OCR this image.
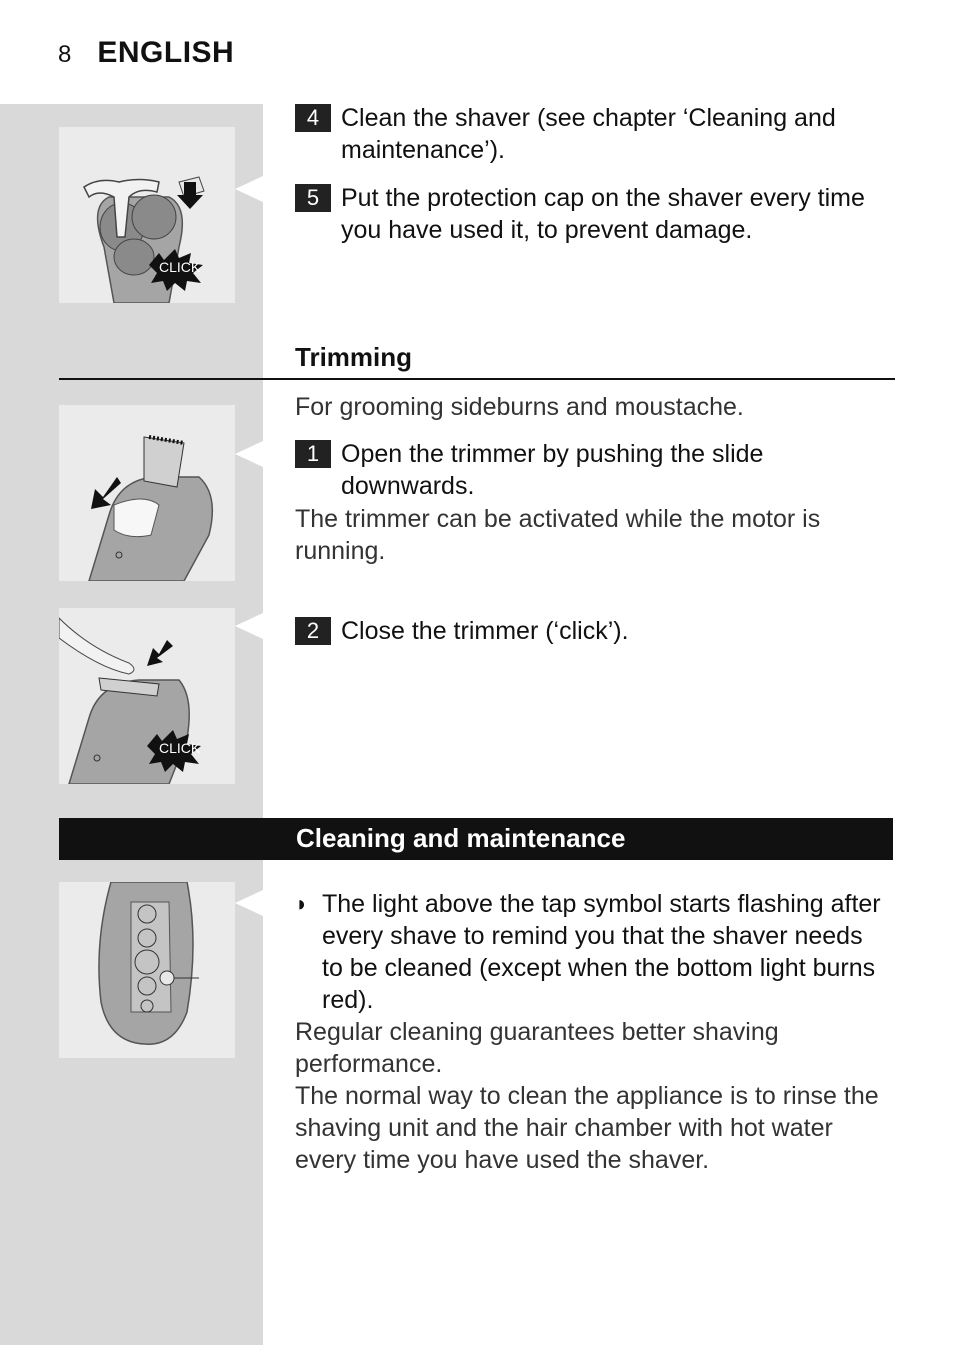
8 ENGLISH
CLICK
4 Clean the shaver (see chapter ‘Cleaning and maintenance’).
5 Put the protection cap on the shaver every time you have used it, to prevent damage.
Trimming
For grooming sideburns and moustache.
1 Open the trimmer by pushing the slide downwards.
The trimmer can be activated while the motor is running.
CLICK
2 Close the trimmer (‘click’).
Cleaning and maintenance
◗ The light above the tap symbol starts flashing after every shave to remind you that the shaver needs to be cleaned (except when the bottom light burns red).
Regular cleaning guarantees better shaving performance.
The normal way to clean the appliance is to rinse the shaving unit and the hair chamber with hot water every time you have used the shaver.
